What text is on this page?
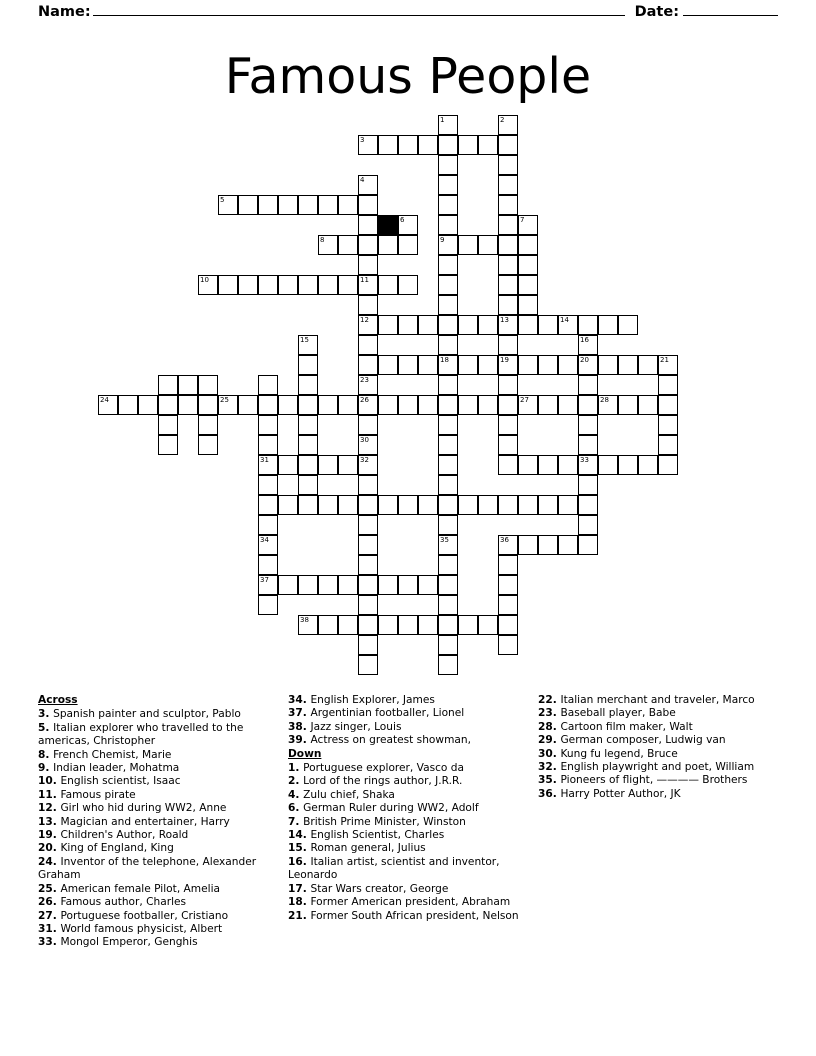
Name:	Date:
Famous People
1	2
3
4
5
6	7
8	9
10	11
12	13	14
15	16
18	19	20	21
23
24	25	26	27	28
30
31	32	33
34	35	36
37
38
Across
3. Spanish painter and sculptor, Pablo
5. Italian explorer who travelled to the americas, Christopher
8. French Chemist, Marie
9. Indian leader, Mohatma
10. English scientist, Isaac
11. Famous pirate
12. Girl who hid during WW2, Anne
13. Magician and entertainer, Harry
19. Children's Author, Roald
20. King of England, King
24. Inventor of the telephone, Alexander Graham
25. American female Pilot, Amelia
26. Famous author, Charles
27. Portuguese footballer, Cristiano
31. World famous physicist, Albert
33. Mongol Emperor, Genghis
34. English Explorer, James
37. Argentinian footballer, Lionel
38. Jazz singer, Louis
39. Actress on greatest showman,
Down
1. Portuguese explorer, Vasco da
2. Lord of the rings author, J.R.R.
4. Zulu chief, Shaka
6. German Ruler during WW2, Adolf
7. British Prime Minister, Winston
14. English Scientist, Charles
15. Roman general, Julius
16. Italian artist, scientist and inventor, Leonardo
17. Star Wars creator, George
18. Former American president, Abraham
21. Former South African president, Nelson
22. Italian merchant and traveler, Marco
23. Baseball player, Babe
28. Cartoon film maker, Walt
29. German composer, Ludwig van
30. Kung fu legend, Bruce
32. English playwright and poet, William
35. Pioneers of flight, ———— Brothers
36. Harry Potter Author, JK
